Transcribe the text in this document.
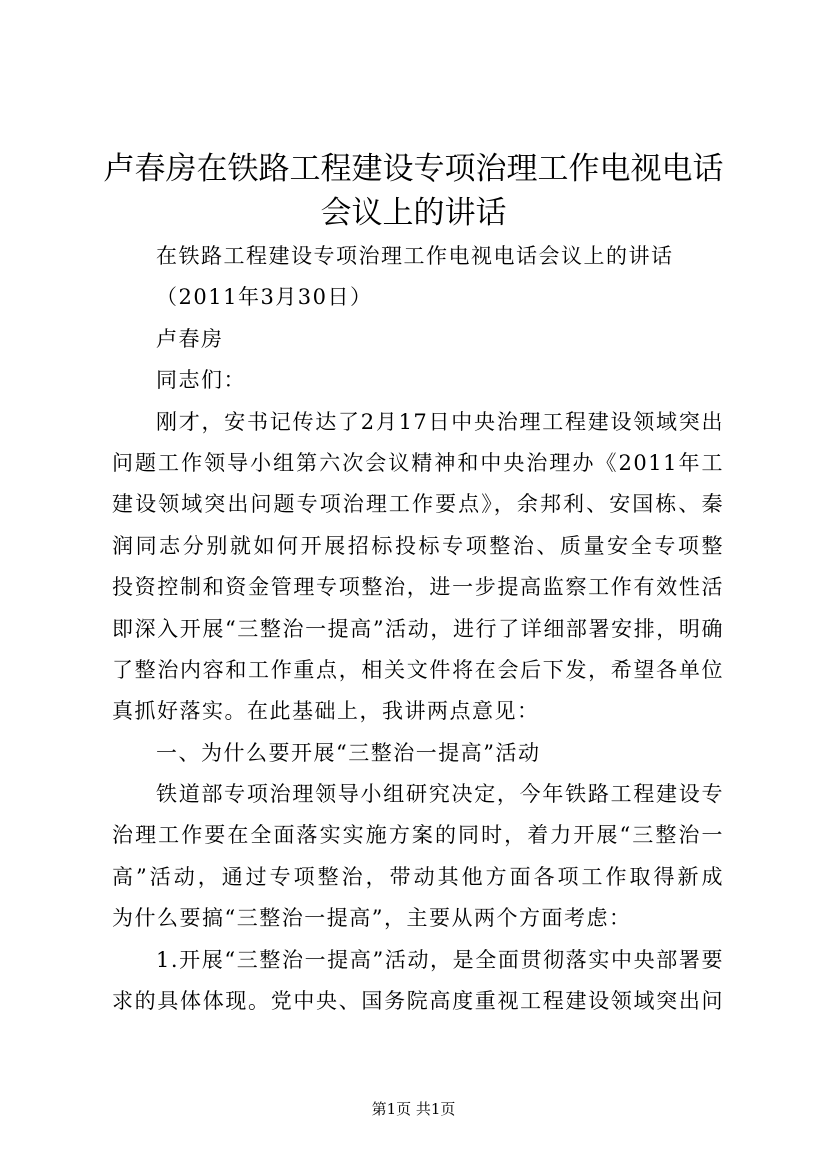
卢春房在铁路工程建设专项治理工作电视电话
会议上的讲话
在铁路工程建设专项治理工作电视电话会议上的讲话
（2011年3月30日）
卢春房
同志们：
刚才，安书记传达了2月17日中央治理工程建设领域突出
问题工作领导小组第六次会议精神和中央治理办《2011年工
建设领域突出问题专项治理工作要点》，余邦利、安国栋、秦
润同志分别就如何开展招标投标专项整治、质量安全专项整
投资控制和资金管理专项整治，进一步提高监察工作有效性活
即深入开展“三整治一提高”活动，进行了详细部署安排，明确
了整治内容和工作重点，相关文件将在会后下发，希望各单位
真抓好落实。在此基础上，我讲两点意见：
一、为什么要开展“三整治一提高”活动
铁道部专项治理领导小组研究决定，今年铁路工程建设专
治理工作要在全面落实实施方案的同时，着力开展“三整治一
高”活动，通过专项整治，带动其他方面各项工作取得新成
为什么要搞“三整治一提高”，主要从两个方面考虑：
1.开展“三整治一提高”活动，是全面贯彻落实中央部署要
求的具体体现。党中央、国务院高度重视工程建设领域突出问
第1页 共1页
